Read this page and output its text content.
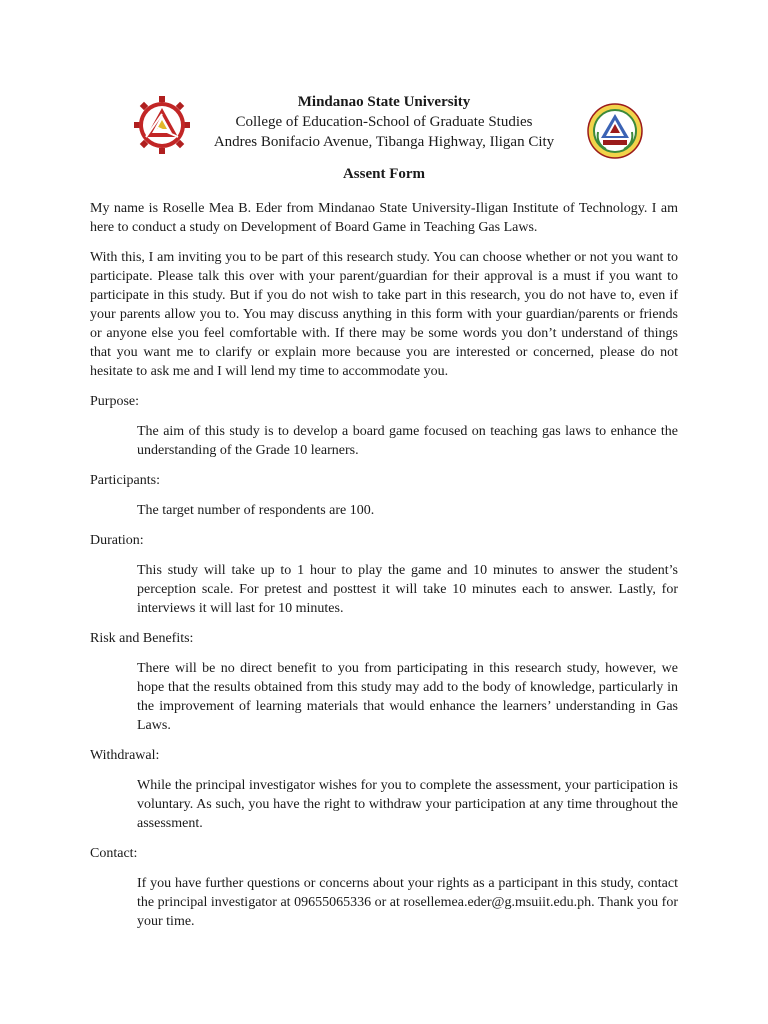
Mindanao State University
College of Education-School of Graduate Studies
Andres Bonifacio Avenue, Tibanga Highway, Iligan City
Assent Form

My name is Roselle Mea B. Eder from Mindanao State University-Iligan Institute of Technology. I am here to conduct a study on Development of Board Game in Teaching Gas Laws.

With this, I am inviting you to be part of this research study. You can choose whether or not you want to participate. Please talk this over with your parent/guardian for their approval is a must if you want to participate in this study. But if you do not wish to take part in this research, you do not have to, even if your parents allow you to. You may discuss anything in this form with your guardian/parents or friends or anyone else you feel comfortable with. If there may be some words you don’t understand of things that you want me to clarify or explain more because you are interested or concerned, please do not hesitate to ask me and I will lend my time to accommodate you.

Purpose:
The aim of this study is to develop a board game focused on teaching gas laws to enhance the understanding of the Grade 10 learners.
Participants:
The target number of respondents are 100.
Duration:
This study will take up to 1 hour to play the game and 10 minutes to answer the student’s perception scale. For pretest and posttest it will take 10 minutes each to answer. Lastly, for interviews it will last for 10 minutes.
Risk and Benefits:
There will be no direct benefit to you from participating in this research study, however, we hope that the results obtained from this study may add to the body of knowledge, particularly in the improvement of learning materials that would enhance the learners’ understanding in Gas Laws.
Withdrawal:
While the principal investigator wishes for you to complete the assessment, your participation is voluntary. As such, you have the right to withdraw your participation at any time throughout the assessment.
Contact:
If you have further questions or concerns about your rights as a participant in this study, contact the principal investigator at 09655065336 or at rosellemea.eder@g.msuiit.edu.ph. Thank you for your time.
